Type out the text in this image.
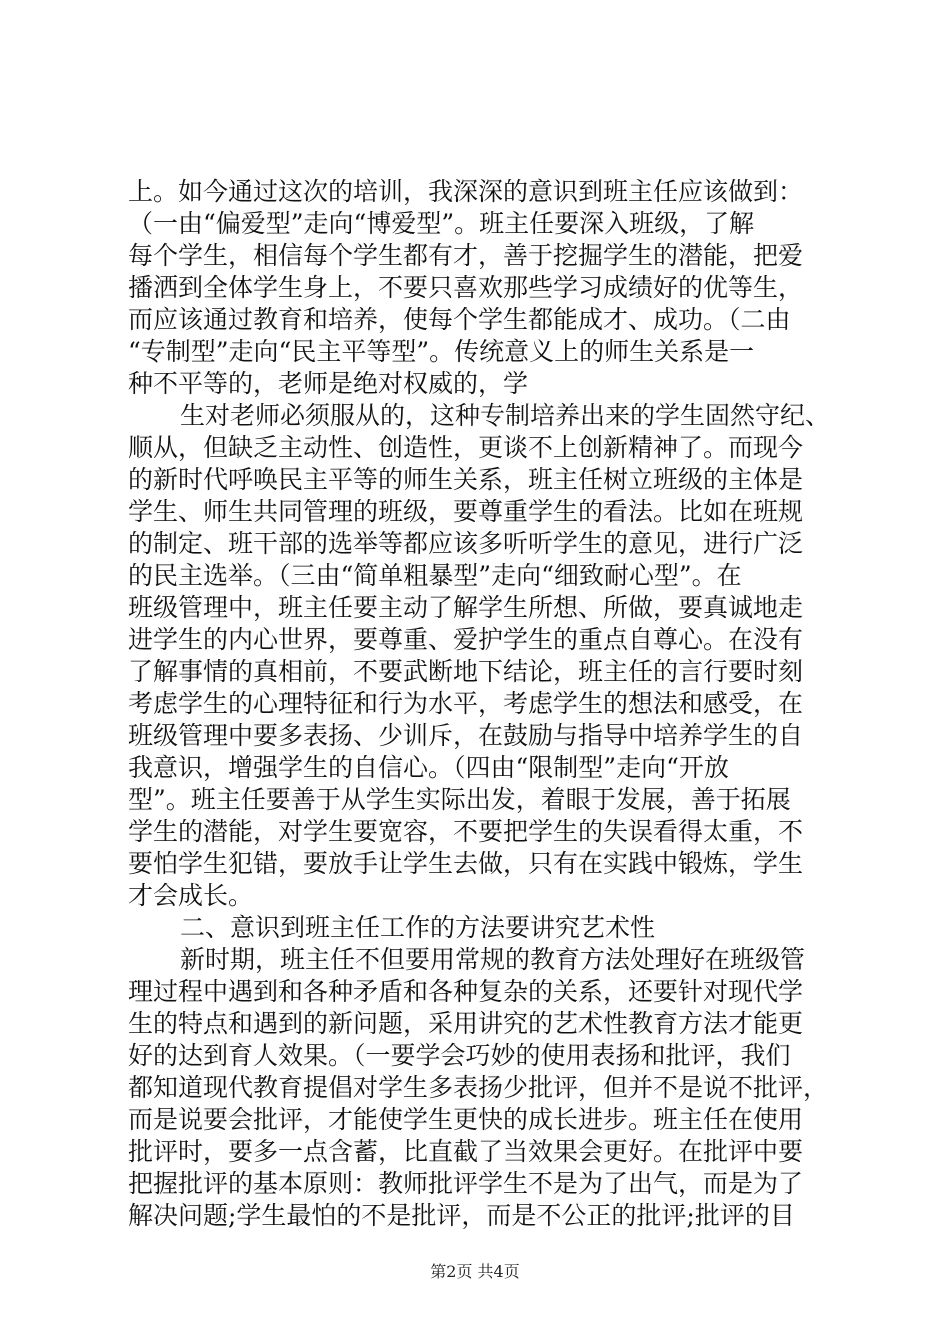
上。如今通过这次的培训，我深深的意识到班主任应该做到：
（一由“偏爱型”走向“博爱型”。班主任要深入班级，了解
每个学生，相信每个学生都有才，善于挖掘学生的潜能，把爱
播洒到全体学生身上，不要只喜欢那些学习成绩好的优等生，
而应该通过教育和培养，使每个学生都能成才、成功。（二由
“专制型”走向“民主平等型”。传统意义上的师生关系是一
种不平等的，老师是绝对权威的，学
生对老师必须服从的，这种专制培养出来的学生固然守纪、
顺从，但缺乏主动性、创造性，更谈不上创新精神了。而现今
的新时代呼唤民主平等的师生关系，班主任树立班级的主体是
学生、师生共同管理的班级，要尊重学生的看法。比如在班规
的制定、班干部的选举等都应该多听听学生的意见，进行广泛
的民主选举。（三由“简单粗暴型”走向“细致耐心型”。在
班级管理中，班主任要主动了解学生所想、所做，要真诚地走
进学生的内心世界，要尊重、爱护学生的重点自尊心。在没有
了解事情的真相前，不要武断地下结论，班主任的言行要时刻
考虑学生的心理特征和行为水平，考虑学生的想法和感受，在
班级管理中要多表扬、少训斥，在鼓励与指导中培养学生的自
我意识，增强学生的自信心。（四由“限制型”走向“开放
型”。班主任要善于从学生实际出发，着眼于发展，善于拓展
学生的潜能，对学生要宽容，不要把学生的失误看得太重，不
要怕学生犯错，要放手让学生去做，只有在实践中锻炼，学生
才会成长。
二、意识到班主任工作的方法要讲究艺术性
新时期，班主任不但要用常规的教育方法处理好在班级管
理过程中遇到和各种矛盾和各种复杂的关系，还要针对现代学
生的特点和遇到的新问题，采用讲究的艺术性教育方法才能更
好的达到育人效果。（一要学会巧妙的使用表扬和批评，我们
都知道现代教育提倡对学生多表扬少批评，但并不是说不批评，
而是说要会批评，才能使学生更快的成长进步。班主任在使用
批评时，要多一点含蓄，比直截了当效果会更好。在批评中要
把握批评的基本原则：教师批评学生不是为了出气，而是为了
解决问题;学生最怕的不是批评，而是不公正的批评;批评的目
第2页 共4页
